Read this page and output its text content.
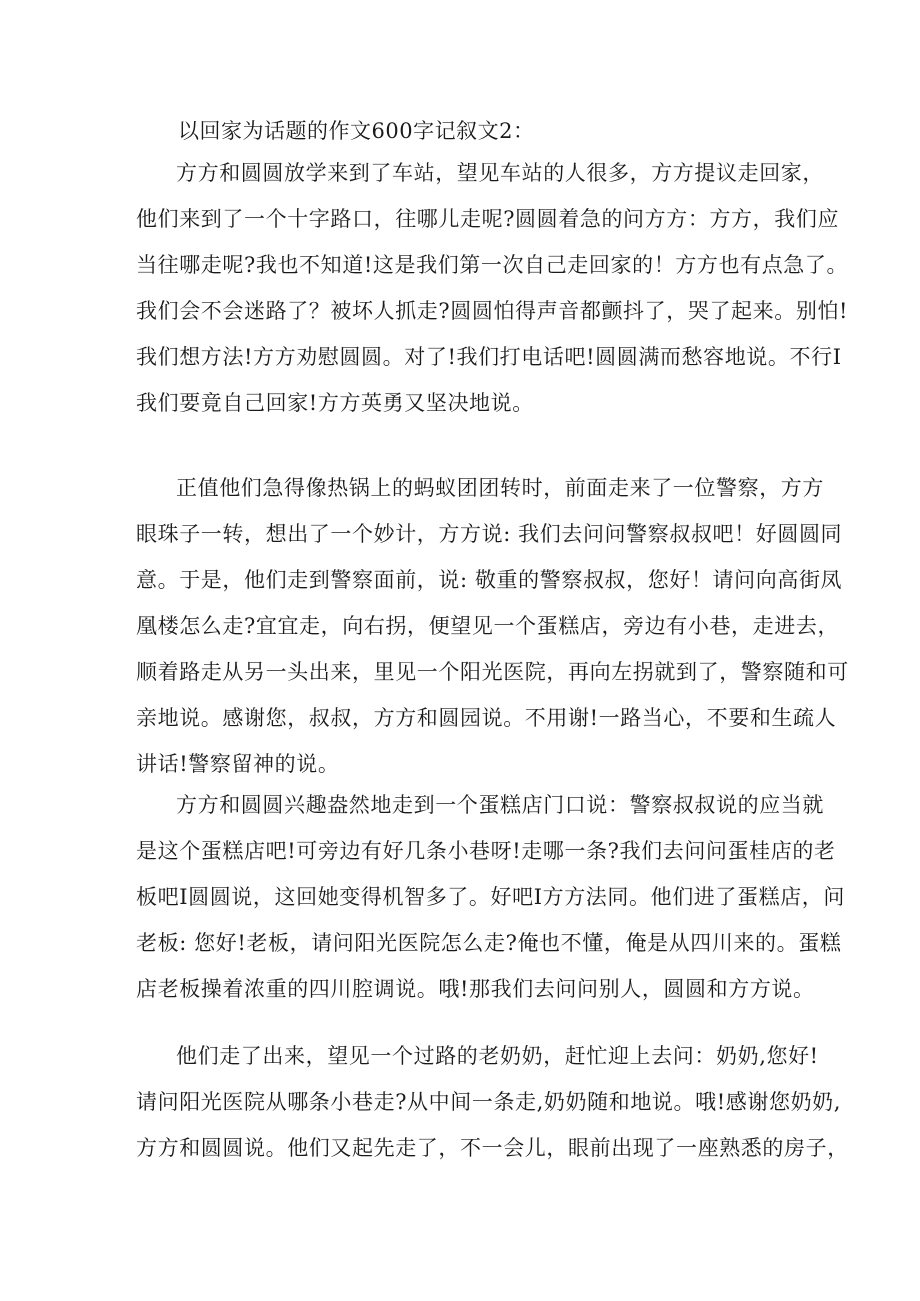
以回家为话题的作文600字记叙文2：
方方和圆圆放学来到了车站，望见车站的人很多，方方提议走回家，
他们来到了一个十字路口，往哪儿走呢?圆圆着急的问方方：方方，我们应
当往哪走呢?我也不知道!这是我们第一次自己走回家的！方方也有点急了。
我们会不会迷路了？被坏人抓走?圆圆怕得声音都颤抖了，哭了起来。别怕!
我们想方法!方方劝慰圆圆。对了!我们打电话吧!圆圆满而愁容地说。不行I
我们要竟自己回家!方方英勇又坚决地说。
正值他们急得像热锅上的蚂蚁团团转时，前面走来了一位警察，方方
眼珠子一转，想出了一个妙计，方方说: 我们去问问警察叔叔吧！好圆圆同
意。于是，他们走到警察面前，说: 敬重的警察叔叔，您好！请问向高街凤
凰楼怎么走?宜宜走，向右拐，便望见一个蛋糕店，旁边有小巷，走进去，
顺着路走从另一头出来，里见一个阳光医院，再向左拐就到了，警察随和可
亲地说。感谢您，叔叔，方方和圆园说。不用谢!一路当心，不要和生疏人
讲话!警察留神的说。
方方和圆圆兴趣盎然地走到一个蛋糕店门口说：警察叔叔说的应当就
是这个蛋糕店吧!可旁边有好几条小巷呀!走哪一条?我们去问问蛋桂店的老
板吧I圆圆说，这回她变得机智多了。好吧I方方法同。他们进了蛋糕店，问
老板: 您好!老板，请问阳光医院怎么走?俺也不懂，俺是从四川来的。蛋糕
店老板操着浓重的四川腔调说。哦!那我们去问问别人，圆圆和方方说。
他们走了出来，望见一个过路的老奶奶，赶忙迎上去问：奶奶,您好!
请问阳光医院从哪条小巷走?从中间一条走,奶奶随和地说。哦!感谢您奶奶,
方方和圆圆说。他们又起先走了，不一会儿，眼前出现了一座熟悉的房子，
